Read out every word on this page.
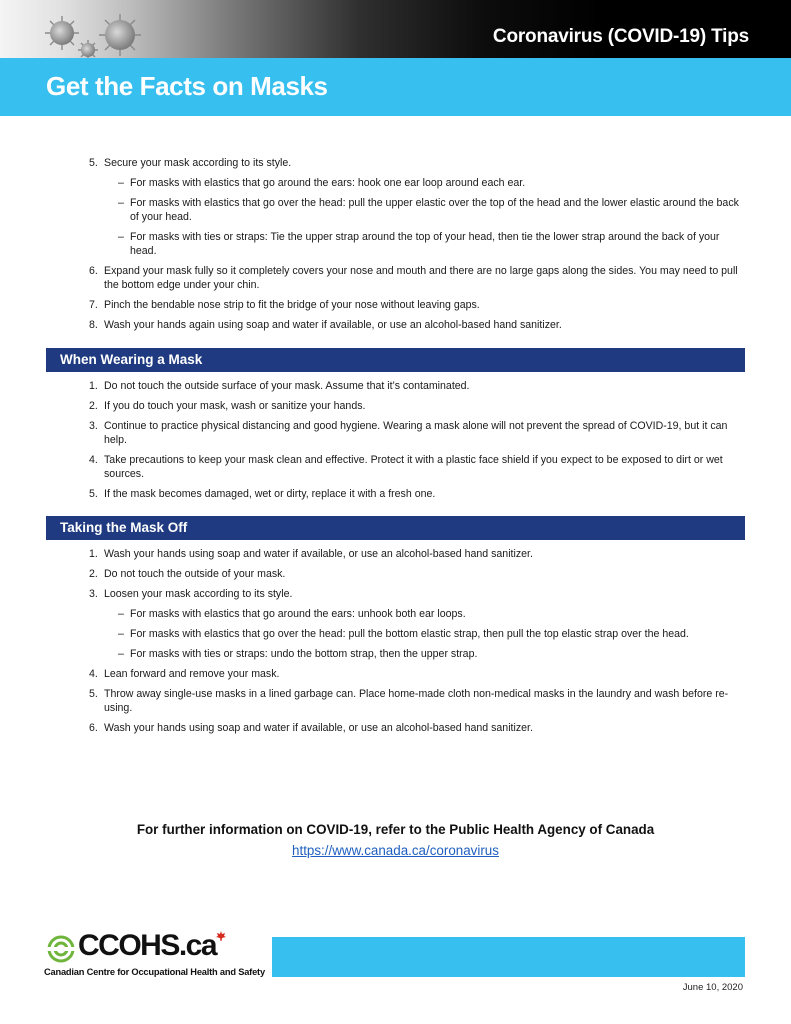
Coronavirus (COVID-19) Tips
Get the Facts on Masks
5. Secure your mask according to its style.
– For masks with elastics that go around the ears: hook one ear loop around each ear.
– For masks with elastics that go over the head: pull the upper elastic over the top of the head and the lower elastic around the back of your head.
– For masks with ties or straps: Tie the upper strap around the top of your head, then tie the lower strap around the back of your head.
6. Expand your mask fully so it completely covers your nose and mouth and there are no large gaps along the sides. You may need to pull the bottom edge under your chin.
7. Pinch the bendable nose strip to fit the bridge of your nose without leaving gaps.
8. Wash your hands again using soap and water if available, or use an alcohol-based hand sanitizer.
When Wearing a Mask
1. Do not touch the outside surface of your mask. Assume that it’s contaminated.
2. If you do touch your mask, wash or sanitize your hands.
3. Continue to practice physical distancing and good hygiene. Wearing a mask alone will not prevent the spread of COVID-19, but it can help.
4. Take precautions to keep your mask clean and effective. Protect it with a plastic face shield if you expect to be exposed to dirt or wet sources.
5. If the mask becomes damaged, wet or dirty, replace it with a fresh one.
Taking the Mask Off
1. Wash your hands using soap and water if available, or use an alcohol-based hand sanitizer.
2. Do not touch the outside of your mask.
3. Loosen your mask according to its style.
– For masks with elastics that go around the ears: unhook both ear loops.
– For masks with elastics that go over the head: pull the bottom elastic strap, then pull the top elastic strap over the head.
– For masks with ties or straps: undo the bottom strap, then the upper strap.
4. Lean forward and remove your mask.
5. Throw away single-use masks in a lined garbage can. Place home-made cloth non-medical masks in the laundry and wash before re-using.
6. Wash your hands using soap and water if available, or use an alcohol-based hand sanitizer.
For further information on COVID-19, refer to the Public Health Agency of Canada
https://www.canada.ca/coronavirus
CCOHS.ca
Canadian Centre for Occupational Health and Safety
June 10, 2020
